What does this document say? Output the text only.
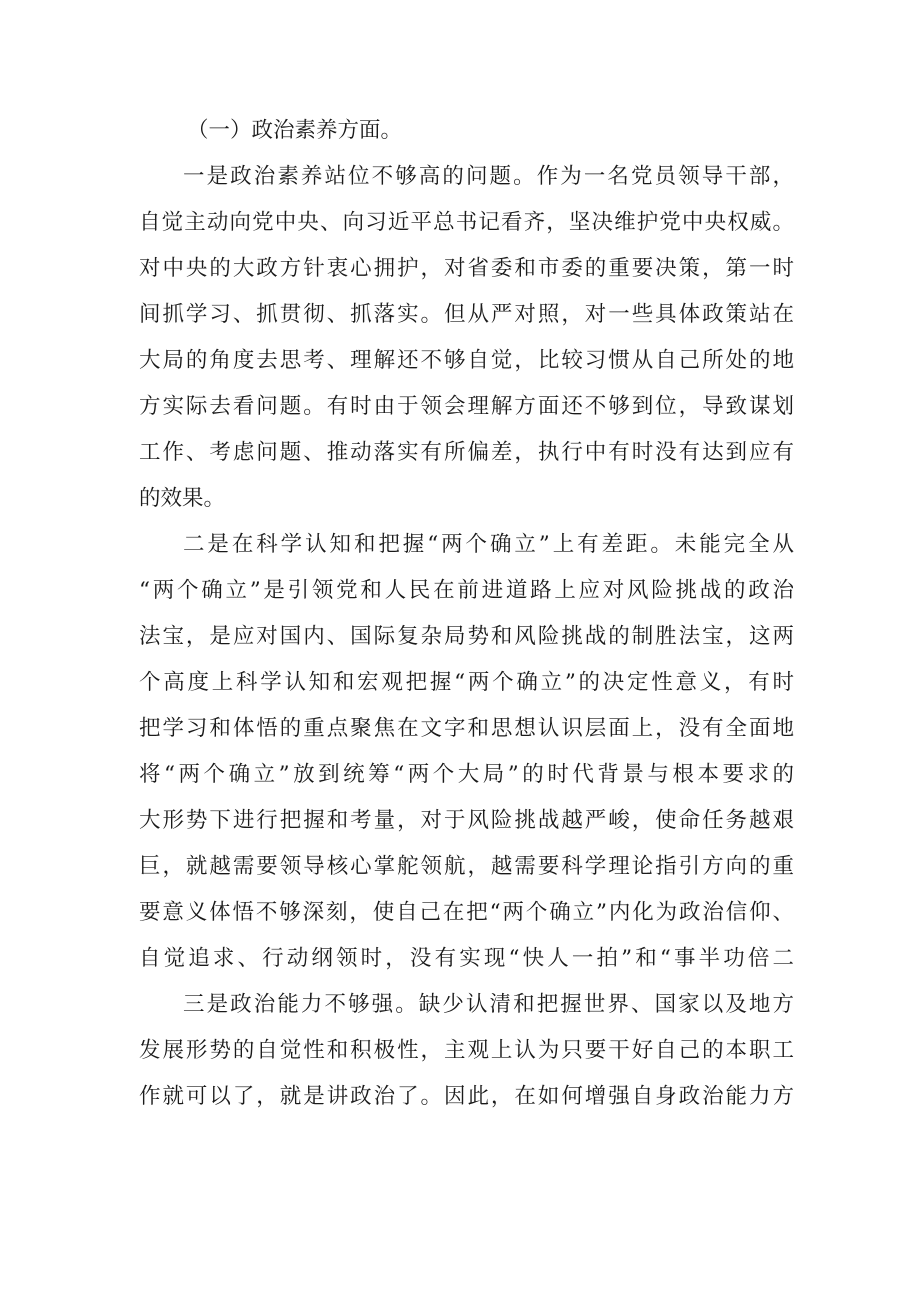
（一）政治素养方面。
一是政治素养站位不够高的问题。作为一名党员领导干部，
自觉主动向党中央、向习近平总书记看齐，坚决维护党中央权威。
对中央的大政方针衷心拥护，对省委和市委的重要决策，第一时
间抓学习、抓贯彻、抓落实。但从严对照，对一些具体政策站在
大局的角度去思考、理解还不够自觉，比较习惯从自己所处的地
方实际去看问题。有时由于领会理解方面还不够到位，导致谋划
工作、考虑问题、推动落实有所偏差，执行中有时没有达到应有
的效果。
二是在科学认知和把握“两个确立”上有差距。未能完全从
“两个确立”是引领党和人民在前进道路上应对风险挑战的政治
法宝，是应对国内、国际复杂局势和风险挑战的制胜法宝，这两
个高度上科学认知和宏观把握“两个确立”的决定性意义，有时
把学习和体悟的重点聚焦在文字和思想认识层面上，没有全面地
将“两个确立”放到统筹“两个大局”的时代背景与根本要求的
大形势下进行把握和考量，对于风险挑战越严峻，使命任务越艰
巨，就越需要领导核心掌舵领航，越需要科学理论指引方向的重
要意义体悟不够深刻，使自己在把“两个确立”内化为政治信仰、
自觉追求、行动纲领时，没有实现“快人一拍”和“事半功倍二
三是政治能力不够强。缺少认清和把握世界、国家以及地方
发展形势的自觉性和积极性，主观上认为只要干好自己的本职工
作就可以了，就是讲政治了。因此，在如何增强自身政治能力方
